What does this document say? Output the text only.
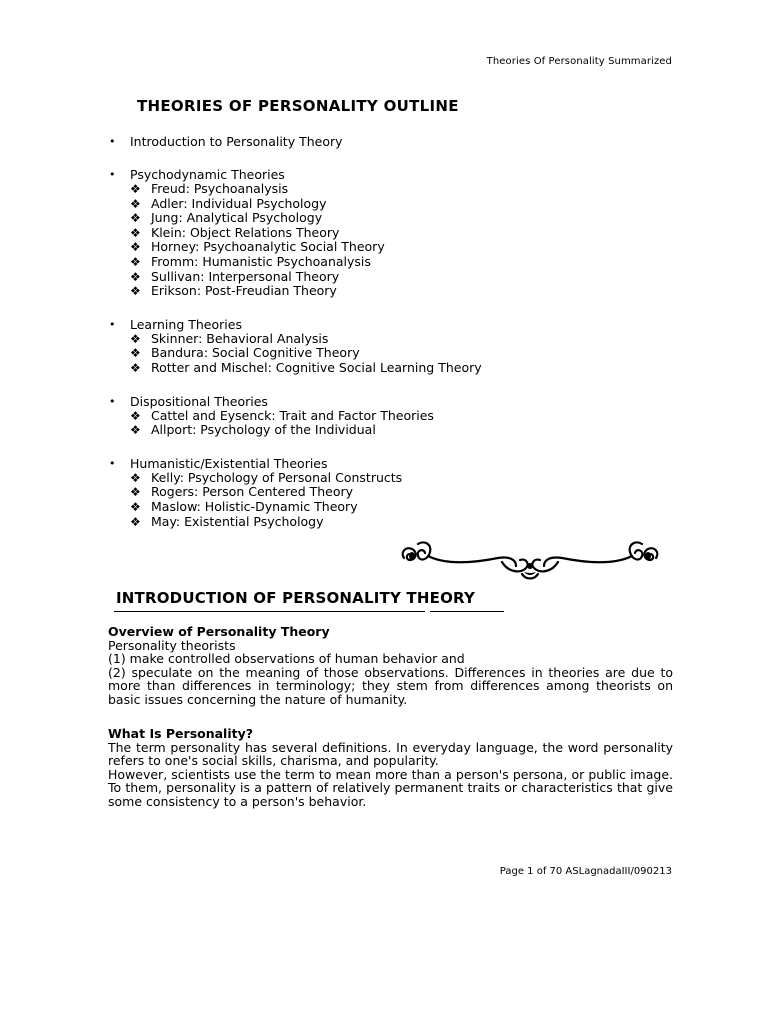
Theories Of Personality Summarized
THEORIES OF PERSONALITY OUTLINE
•	Introduction to Personality Theory
•	Psychodynamic Theories
❖ Freud: Psychoanalysis
❖ Adler: Individual Psychology
❖ Jung: Analytical Psychology
❖ Klein: Object Relations Theory
❖ Horney: Psychoanalytic Social Theory
❖ Fromm: Humanistic Psychoanalysis
❖ Sullivan: Interpersonal Theory
❖ Erikson: Post-Freudian Theory
•	Learning Theories
❖ Skinner: Behavioral Analysis
❖ Bandura: Social Cognitive Theory
❖ Rotter and Mischel: Cognitive Social Learning Theory
•	Dispositional Theories
❖ Cattel and Eysenck: Trait and Factor Theories
❖ Allport: Psychology of the Individual
•	Humanistic/Existential Theories
❖ Kelly: Psychology of Personal Constructs
❖ Rogers: Person Centered Theory
❖ Maslow: Holistic-Dynamic Theory
❖ May: Existential Psychology
INTRODUCTION OF PERSONALITY THEORY

Overview of Personality Theory

Personality theorists

(1) make controlled observations of human behavior and

(2) speculate on the meaning of those observations. Differences in theories are due to more than differences in terminology; they stem from differences among theorists on basic issues concerning the nature of humanity.

What Is Personality?

The term personality has several definitions. In everyday language, the word personality refers to one's social skills, charisma, and popularity.

However, scientists use the term to mean more than a person's persona, or public image. To them, personality is a pattern of relatively permanent traits or characteristics that give some consistency to a person's behavior.

Page 1 of 70 ASLagnadaIII/090213
